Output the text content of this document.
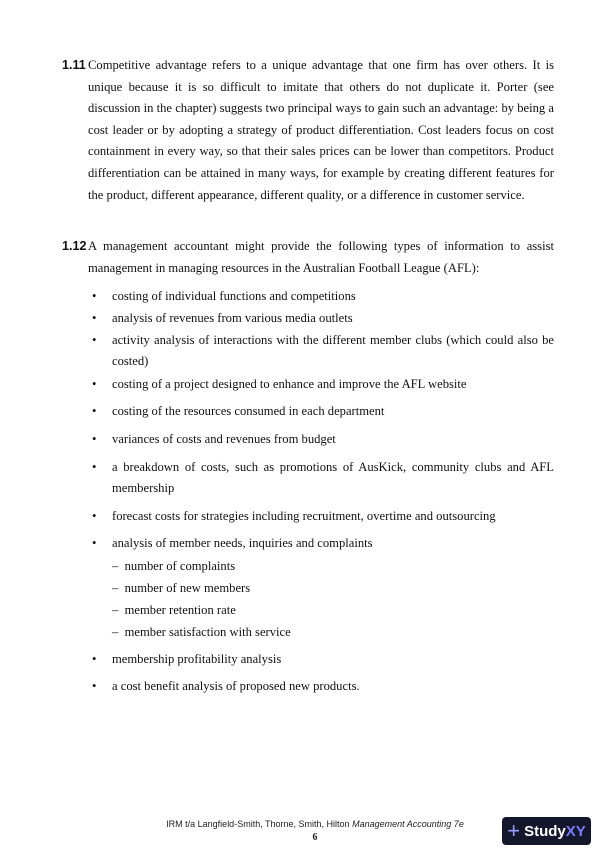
1.11 Competitive advantage refers to a unique advantage that one firm has over others. It is unique because it is so difficult to imitate that others do not duplicate it. Porter (see discussion in the chapter) suggests two principal ways to gain such an advantage: by being a cost leader or by adopting a strategy of product differentiation. Cost leaders focus on cost containment in every way, so that their sales prices can be lower than competitors. Product differentiation can be attained in many ways, for example by creating different features for the product, different appearance, different quality, or a difference in customer service.
1.12 A management accountant might provide the following types of information to assist management in managing resources in the Australian Football League (AFL):
• costing of individual functions and competitions
• analysis of revenues from various media outlets
• activity analysis of interactions with the different member clubs (which could also be costed)
• costing of a project designed to enhance and improve the AFL website
• costing of the resources consumed in each department
• variances of costs and revenues from budget
• a breakdown of costs, such as promotions of AusKick, community clubs and AFL membership
• forecast costs for strategies including recruitment, overtime and outsourcing
• analysis of member needs, inquiries and complaints
– number of complaints
– number of new members
– member retention rate
– member satisfaction with service
• membership profitability analysis
• a cost benefit analysis of proposed new products.
IRM t/a Langfield-Smith, Thorne, Smith, Hilton Management Accounting 7e
6	+ StudyXY
